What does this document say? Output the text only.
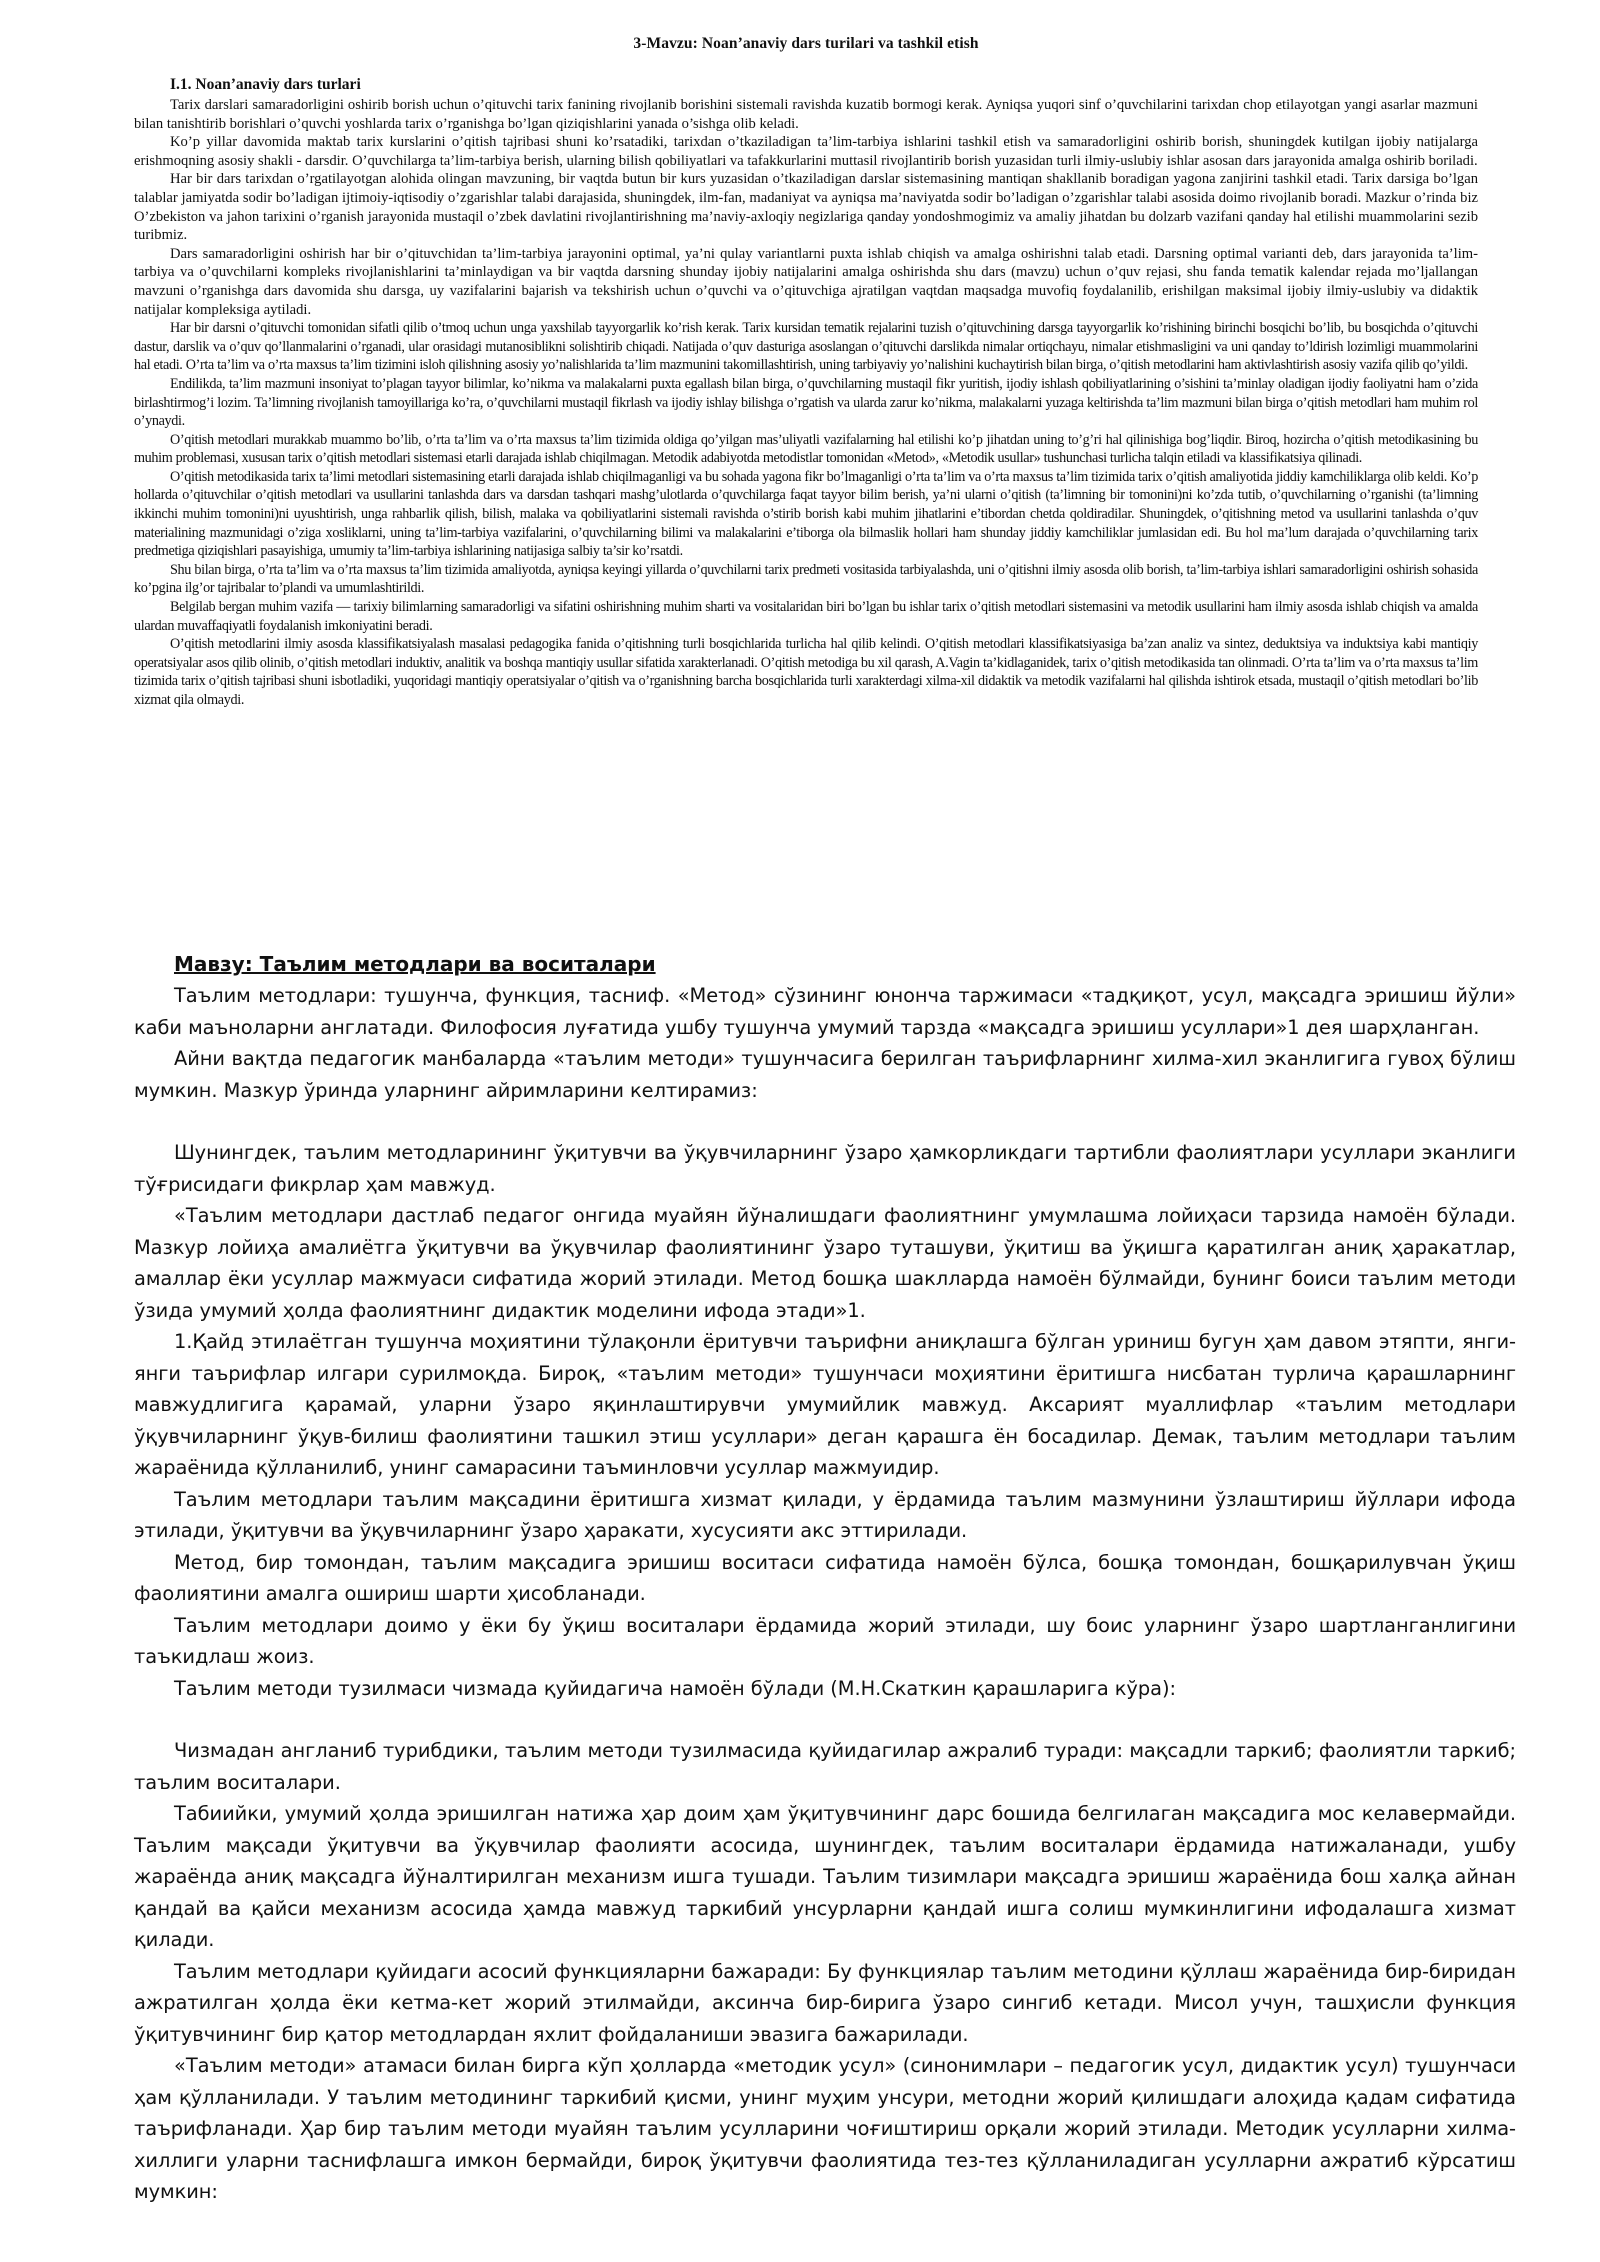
3-Mavzu: Noan’anaviy dars turilari va tashkil etish
I.1. Noan’anaviy dars turlari

Tarix darslari samaradorligini oshirib borish uchun o’qituvchi tarix fanining rivojlanib borishini sistemali ravishda kuzatib bormogi kerak. Ayniqsa yuqori sinf o’quvchilarini tarixdan chop etilayotgan yangi asarlar mazmuni bilan tanishtirib borishlari o’quvchi yoshlarda tarix o’rganishga bo’lgan qiziqishlarini yanada o’sishga olib keladi.

Ko’p yillar davomida maktab tarix kurslarini o’qitish tajribasi shuni ko’rsatadiki, tarixdan o’tkaziladigan ta’lim-tarbiya ishlarini tashkil etish va samaradorligini oshirib borish, shuningdek kutilgan ijobiy natijalarga erishmoqning asosiy shakli - darsdir. O’quvchilarga ta’lim-tarbiya berish, ularning bilish qobiliyatlari va tafakkurlarini muttasil rivojlantirib borish yuzasidan turli ilmiy-uslubiy ishlar asosan dars jarayonida amalga oshirib boriladi.

Har bir dars tarixdan o’rgatilayotgan alohida olingan mavzuning, bir vaqtda butun bir kurs yuzasidan o’tkaziladigan darslar sistemasining mantiqan shakllanib boradigan yagona zanjirini tashkil etadi. Tarix darsiga bo’lgan talablar jamiyatda sodir bo’ladigan ijtimoiy-iqtisodiy o’zgarishlar talabi darajasida, shuningdek, ilm-fan, madaniyat va ayniqsa ma’naviyatda sodir bo’ladigan o’zgarishlar talabi asosida doimo rivojlanib boradi. Mazkur o’rinda biz O’zbekiston va jahon tarixini o’rganish jarayonida mustaqil o’zbek davlatini rivojlantirishning ma’naviy-axloqiy negizlariga qanday yondoshmogimiz va amaliy jihatdan bu dolzarb vazifani qanday hal etilishi muammolarini sezib turibmiz.

Dars samaradorligini oshirish har bir o’qituvchidan ta’lim-tarbiya jarayonini optimal, ya’ni qulay variantlarni puxta ishlab chiqish va amalga oshirishni talab etadi. Darsning optimal varianti deb, dars jarayonida ta’lim-tarbiya va o’quvchilarni kompleks rivojlanishlarini ta’minlaydigan va bir vaqtda darsning shunday ijobiy natijalarini amalga oshirishda shu dars (mavzu) uchun o’quv rejasi, shu fanda tematik kalendar rejada mo’ljallangan mavzuni o’rganishga dars davomida shu darsga, uy vazifalarini bajarish va tekshirish uchun o’quvchi va o’qituvchiga ajratilgan vaqtdan maqsadga muvofiq foydalanilib, erishilgan maksimal ijobiy ilmiy-uslubiy va didaktik natijalar kompleksiga aytiladi.

Har bir darsni o’qituvchi tomonidan sifatli qilib o’tmoq uchun unga yaxshilab tayyorgarlik ko’rish kerak. Tarix kursidan tematik rejalarini tuzish o’qituvchining darsga tayyorgarlik ko’rishining birinchi bosqichi bo’lib, bu bosqichda o’qituvchi dastur, darslik va o’quv qo’llanmalarini o’rganadi, ular orasidagi mutanosiblikni solishtirib chiqadi. Natijada o’quv dasturiga asoslangan o’qituvchi darslikda nimalar ortiqchayu, nimalar etishmasligini va uni qanday to’ldirish lozimligi muammolarini hal etadi. O’rta ta’lim va o’rta maxsus ta’lim tizimini isloh qilishning asosiy yo’nalishlarida ta’lim mazmunini takomillashtirish, uning tarbiyaviy yo’nalishini kuchaytirish bilan birga, o’qitish metodlarini ham aktivlashtirish asosiy vazifa qilib qo’yildi.

Endilikda, ta’lim mazmuni insoniyat to’plagan tayyor bilimlar, ko’nikma va malakalarni puxta egallash bilan birga, o’quvchilarning mustaqil fikr yuritish, ijodiy ishlash qobiliyatlarining o’sishini ta’minlay oladigan ijodiy faoliyatni ham o’zida birlashtirmog’i lozim. Ta’limning rivojlanish tamoyillariga ko’ra, o’quvchilarni mustaqil fikrlash va ijodiy ishlay bilishga o’rgatish va ularda zarur ko’nikma, malakalarni yuzaga keltirishda ta’lim mazmuni bilan birga o’qitish metodlari ham muhim rol o’ynaydi.

O’qitish metodlari murakkab muammo bo’lib, o’rta ta’lim va o’rta maxsus ta’lim tizimida oldiga qo’yilgan mas’uliyatli vazifalarning hal etilishi ko’p jihatdan uning to’g’ri hal qilinishiga bog’liqdir. Biroq, hozircha o’qitish metodikasining bu muhim problemasi, xususan tarix o’qitish metodlari sistemasi etarli darajada ishlab chiqilmagan. Metodik adabiyotda metodistlar tomonidan «Metod», «Metodik usullar» tushunchasi turlicha talqin etiladi va klassifikatsiya qilinadi.

O’qitish metodikasida tarix ta’limi metodlari sistemasining etarli darajada ishlab chiqilmaganligi va bu sohada yagona fikr bo’lmaganligi o’rta ta’lim va o’rta maxsus ta’lim tizimida tarix o’qitish amaliyotida jiddiy kamchiliklarga olib keldi. Ko’p hollarda o’qituvchilar o’qitish metodlari va usullarini tanlashda dars va darsdan tashqari mashg’ulotlarda o’quvchilarga faqat tayyor bilim berish, ya’ni ularni o’qitish (ta’limning bir tomonini)ni ko’zda tutib, o’quvchilarning o’rganishi (ta’limning ikkinchi muhim tomonini)ni uyushtirish, unga rahbarlik qilish, bilish, malaka va qobiliyatlarini sistemali ravishda o’stirib borish kabi muhim jihatlarini e’tibordan chetda qoldiradilar. Shuningdek, o’qitishning metod va usullarini tanlashda o’quv materialining mazmunidagi o’ziga xosliklarni, uning ta’lim-tarbiya vazifalarini, o’quvchilarning bilimi va malakalarini e’tiborga ola bilmaslik hollari ham shunday jiddiy kamchiliklar jumlasidan edi. Bu hol ma’lum darajada o’quvchilarning tarix predmetiga qiziqishlari pasayishiga, umumiy ta’lim-tarbiya ishlarining natijasiga salbiy ta’sir ko’rsatdi.

Shu bilan birga, o’rta ta’lim va o’rta maxsus ta’lim tizimida amaliyotda, ayniqsa keyingi yillarda o’quvchilarni tarix predmeti vositasida tarbiyalashda, uni o’qitishni ilmiy asosda olib borish, ta’lim-tarbiya ishlari samaradorligini oshirish sohasida ko’pgina ilg’or tajribalar to’plandi va umumlashtirildi.

Belgilab bergan muhim vazifa — tarixiy bilimlarning samaradorligi va sifatini oshirishning muhim sharti va vositalaridan biri bo’lgan bu ishlar tarix o’qitish metodlari sistemasini va metodik usullarini ham ilmiy asosda ishlab chiqish va amalda ulardan muvaffaqiyatli foydalanish imkoniyatini beradi.

O’qitish metodlarini ilmiy asosda klassifikatsiyalash masalasi pedagogika fanida o’qitishning turli bosqichlarida turlicha hal qilib kelindi. O’qitish metodlari klassifikatsiyasiga ba’zan analiz va sintez, deduktsiya va induktsiya kabi mantiqiy operatsiyalar asos qilib olinib, o’qitish metodlari induktiv, analitik va boshqa mantiqiy usullar sifatida xarakterlanadi. O’qitish metodiga bu xil qarash, A.Vagin ta’kidlaganidek, tarix o’qitish metodikasida tan olinmadi. O’rta ta’lim va o’rta maxsus ta’lim tizimida tarix o’qitish tajribasi shuni isbotladiki, yuqoridagi mantiqiy operatsiyalar o’qitish va o’rganishning barcha bosqichlarida turli xarakterdagi xilma-xil didaktik va metodik vazifalarni hal qilishda ishtirok etsada, mustaqil o’qitish metodlari bo’lib xizmat qila olmaydi.

Мавзу: Таълим методлари ва воситалари

Таълим методлари: тушунча, функция, тасниф. «Метод» сўзининг юнонча таржимаси «тадқиқот, усул, мақсадга эришиш йўли» каби маъноларни англатади. Филофосия луғатида ушбу тушунча умумий тарзда «мақсадга эришиш усуллари»1 дея шарҳланган.

Айни вақтда педагогик манбаларда «таълим методи» тушунчасига берилган таърифларнинг хилма-хил эканлигига гувоҳ бўлиш мумкин. Мазкур ўринда уларнинг айримларини келтирамиз:

Шунингдек, таълим методларининг ўқитувчи ва ўқувчиларнинг ўзаро ҳамкорликдаги тартибли фаолиятлари усуллари эканлиги тўғрисидаги фикрлар ҳам мавжуд.

«Таълим методлари дастлаб педагог онгида муайян йўналишдаги фаолиятнинг умумлашма лойиҳаси тарзида намоён бўлади. Мазкур лойиҳа амалиётга ўқитувчи ва ўқувчилар фаолиятининг ўзаро туташуви, ўқитиш ва ўқишга қаратилган аниқ ҳаракатлар, амаллар ёки усуллар мажмуаси сифатида жорий этилади. Метод бошқа шаклларда намоён бўлмайди, бунинг боиси таълим методи ўзида умумий ҳолда фаолиятнинг дидактик моделини ифода этади»1.

1.Қайд этилаётган тушунча моҳиятини тўлақонли ёритувчи таърифни аниқлашга бўлган уриниш бугун ҳам давом этяпти, янги-янги таърифлар илгари сурилмоқда. Бироқ, «таълим методи» тушунчаси моҳиятини ёритишга нисбатан турлича қарашларнинг мавжудлигига қарамай, уларни ўзаро яқинлаштирувчи умумийлик мавжуд. Аксарият муаллифлар «таълим методлари ўқувчиларнинг ўқув-билиш фаолиятини ташкил этиш усуллари» деган қарашга ён босадилар. Демак, таълим методлари таълим жараёнида қўлланилиб, унинг самарасини таъминловчи усуллар мажмуидир.

Таълим методлари таълим мақсадини ёритишга хизмат қилади, у ёрдамида таълим мазмунини ўзлаштириш йўллари ифода этилади, ўқитувчи ва ўқувчиларнинг ўзаро ҳаракати, хусусияти акс эттирилади.

Метод, бир томондан, таълим мақсадига эришиш воситаси сифатида намоён бўлса, бошқа томондан, бошқарилувчан ўқиш фаолиятини амалга ошириш шарти ҳисобланади.

Таълим методлари доимо у ёки бу ўқиш воситалари ёрдамида жорий этилади, шу боис уларнинг ўзаро шартланганлигини таъкидлаш жоиз.

Таълим методи тузилмаси чизмада қуйидагича намоён бўлади (М.Н.Скаткин қарашларига кўра):

Чизмадан англаниб турибдики, таълим методи тузилмасида қуйидагилар ажралиб туради: мақсадли таркиб; фаолиятли таркиб; таълим воситалари.

Табиийки, умумий ҳолда эришилган натижа ҳар доим ҳам ўқитувчининг дарс бошида белгилаган мақсадига мос келавермайди. Таълим мақсади ўқитувчи ва ўқувчилар фаолияти асосида, шунингдек, таълим воситалари ёрдамида натижаланади, ушбу жараёнда аниқ мақсадга йўналтирилган механизм ишга тушади. Таълим тизимлари мақсадга эришиш жараёнида бош халқа айнан қандай ва қайси механизм асосида ҳамда мавжуд таркибий унсурларни қандай ишга солиш мумкинлигини ифодалашга хизмат қилади.

Таълим методлари қуйидаги асосий функцияларни бажаради: Бу функциялар таълим методини қўллаш жараёнида бир-биридан ажратилган ҳолда ёки кетма-кет жорий этилмайди, аксинча бир-бирига ўзаро сингиб кетади. Мисол учун, ташҳисли функция ўқитувчининг бир қатор методлардан яхлит фойдаланиши эвазига бажарилади.

«Таълим методи» атамаси билан бирга кўп ҳолларда «методик усул» (синонимлари – педагогик усул, дидактик усул) тушунчаси ҳам қўлланилади. У таълим методининг таркибий қисми, унинг муҳим унсури, методни жорий қилишдаги алоҳида қадам сифатида таърифланади. Ҳар бир таълим методи муайян таълим усулларини чоғиштириш орқали жорий этилади. Методик усулларни хилма-хиллиги уларни таснифлашга имкон бермайди, бироқ ўқитувчи фаолиятида тез-тез қўлланиладиган усулларни ажратиб кўрсатиш мумкин:
